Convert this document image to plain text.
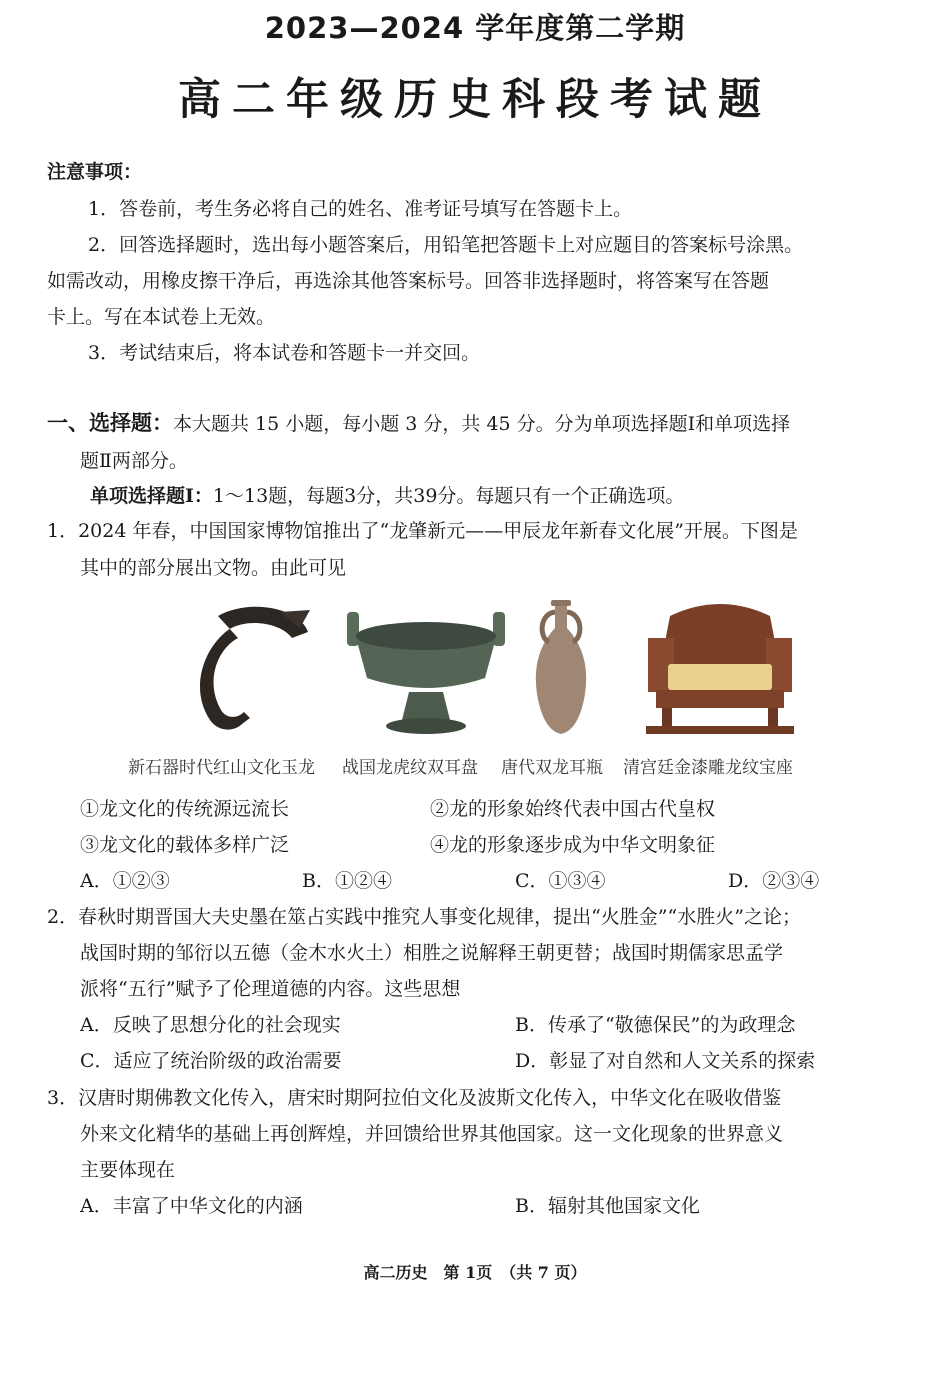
2023—2024 学年度第二学期
高二年级历史科段考试题
注意事项：
1．答卷前，考生务必将自己的姓名、准考证号填写在答题卡上。
2．回答选择题时，选出每小题答案后，用铅笔把答题卡上对应题目的答案标号涂黑。
如需改动，用橡皮擦干净后，再选涂其他答案标号。回答非选择题时，将答案写在答题
卡上。写在本试卷上无效。
3．考试结束后，将本试卷和答题卡一并交回。
一、选择题：本大题共 15 小题，每小题 3 分，共 45 分。分为单项选择题Ⅰ和单项选择
题Ⅱ两部分。
单项选择题Ⅰ：1～13题，每题3分，共39分。每题只有一个正确选项。
1．2024 年春，中国国家博物馆推出了“龙肇新元——甲辰龙年新春文化展”开展。下图是
其中的部分展出文物。由此可见
新石器时代红山文化玉龙 战国龙虎纹双耳盘 唐代双龙耳瓶 清宫廷金漆雕龙纹宝座
①龙文化的传统源远流长	②龙的形象始终代表中国古代皇权
③龙文化的载体多样广泛	④龙的形象逐步成为中华文明象征
A．①②③	B．①②④	C．①③④	D．②③④
2．春秋时期晋国大夫史墨在筮占实践中推究人事变化规律，提出“火胜金”“水胜火”之论；
战国时期的邹衍以五德（金木水火土）相胜之说解释王朝更替；战国时期儒家思孟学
派将“五行”赋予了伦理道德的内容。这些思想
A．反映了思想分化的社会现实	B．传承了“敬德保民”的为政理念
C．适应了统治阶级的政治需要	D．彰显了对自然和人文关系的探索
3．汉唐时期佛教文化传入，唐宋时期阿拉伯文化及波斯文化传入，中华文化在吸收借鉴
外来文化精华的基础上再创辉煌，并回馈给世界其他国家。这一文化现象的世界意义
主要体现在
A．丰富了中华文化的内涵	B．辐射其他国家文化
高二历史　第 1页　（共 7 页）
